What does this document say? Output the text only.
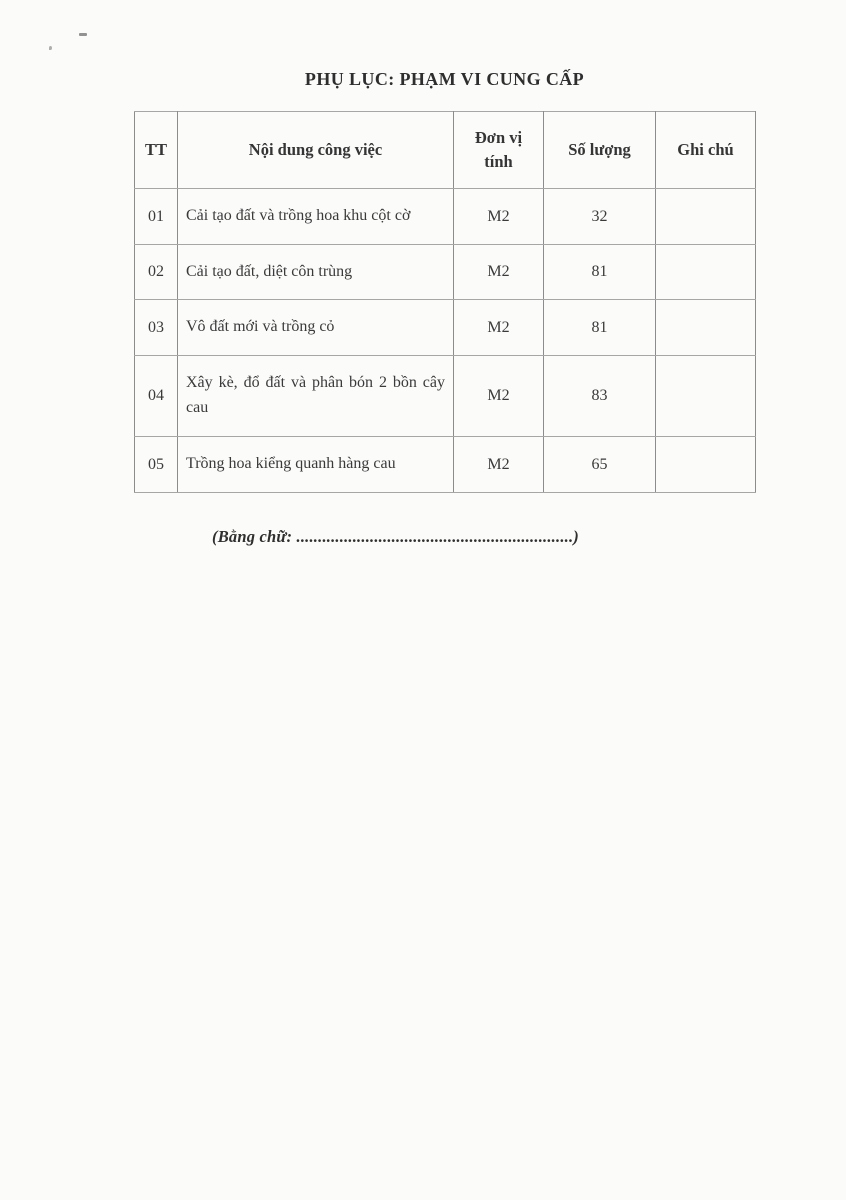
PHỤ LỤC: PHẠM VI CUNG CẤP
TT	Nội dung công việc	Đơn vị tính	Số lượng	Ghi chú
01	Cải tạo đất và trồng hoa khu cột cờ	M2	32	
02	Cải tạo đất, diệt côn trùng	M2	81	
03	Vô đất mới và trồng cỏ	M2	81	
04	Xây kè, đổ đất và phân bón 2 bồn cây cau	M2	83	
05	Trồng hoa kiểng quanh hàng cau	M2	65	
(Bằng chữ: ................................................................)
